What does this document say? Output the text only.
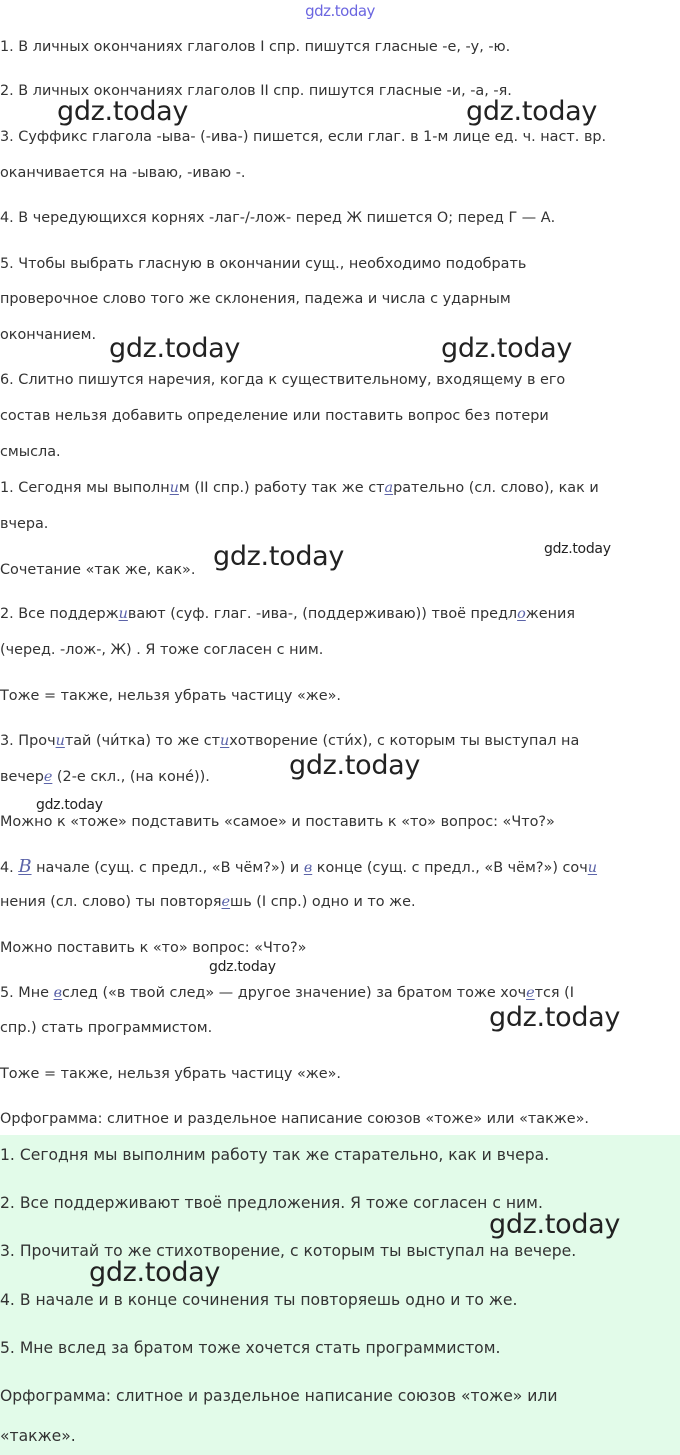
gdz.today
1. В личных окончаниях глаголов I спр. пишутся гласные -е, -у, -ю.
2. В личных окончаниях глаголов II спр. пишутся гласные -и, -а, -я.
3. Суффикс глагола -ыва- (-ива-) пишется, если глаг. в 1-м лице ед. ч. наст. вр.
оканчивается на -ываю, -иваю -.
4. В чередующихся корнях -лаг-/-лож- перед Ж пишется О; перед Г — А.
5. Чтобы выбрать гласную в окончании сущ., необходимо подобрать
проверочное слово того же склонения, падежа и числа с ударным
окончанием.
6. Слитно пишутся наречия, когда к существительному, входящему в его
состав нельзя добавить определение или поставить вопрос без потери
смысла.
1. Сегодня мы выполним (II спр.) работу так же старательно (сл. слово), как и
вчера.
Сочетание «так же, как».
2. Все поддерживают (суф. глаг. -ива-, (поддерживаю)) твоё предложения
(черед. -лож-, Ж) . Я тоже согласен с ним.
Тоже = также, нельзя убрать частицу «же».
3. Прочитай (чи́тка) то же стихотворение (сти́х), с которым ты выступал на
вечере (2-е скл., (на коне́)).
Можно к «тоже» подставить «самое» и поставить к «то» вопрос: «Что?»
4. В начале (сущ. с предл., «В чём?») и в конце (сущ. с предл., «В чём?») сочи
нения (сл. слово) ты повторяешь (I спр.) одно и то же.
Можно поставить к «то» вопрос: «Что?»
5. Мне вслед («в твой след» — другое значение) за братом тоже хочется (I
спр.) стать программистом.
Тоже = также, нельзя убрать частицу «же».
Орфограмма: слитное и раздельное написание союзов «тоже» или «также».
1. Сегодня мы выполним работу так же старательно, как и вчера.
2. Все поддерживают твоё предложения. Я тоже согласен с ним.
3. Прочитай то же стихотворение, с которым ты выступал на вечере.
4. В начале и в конце сочинения ты повторяешь одно и то же.
5. Мне вслед за братом тоже хочется стать программистом.
Орфограмма: слитное и раздельное написание союзов «тоже» или
«также».
gdz.today	gdz.today
gdz.today	gdz.today
gdz.today	gdz.today
gdz.today
gdz.today
gdz.today
gdz.today
gdz.today
gdz.today
